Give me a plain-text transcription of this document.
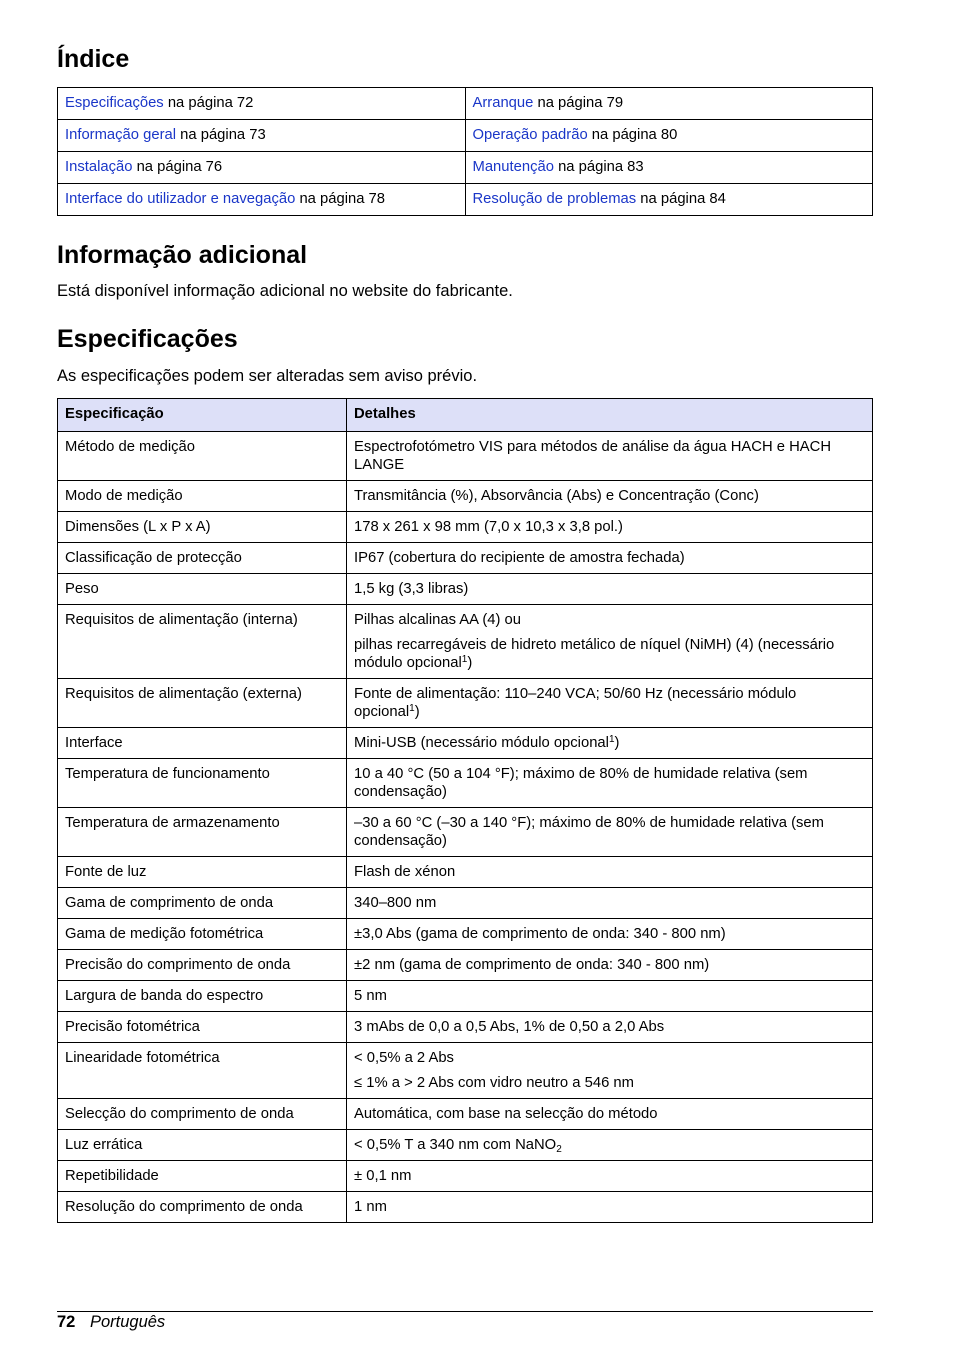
Índice
Especificações na página 72	Arranque na página 79
Informação geral na página 73	Operação padrão na página 80
Instalação na página 76	Manutenção na página 83
Interface do utilizador e navegação na página 78	Resolução de problemas na página 84
Informação adicional

Está disponível informação adicional no website do fabricante.

Especificações

As especificações podem ser alteradas sem aviso prévio.

Especificação	Detalhes
Método de medição	Espectrofotómetro VIS para métodos de análise da água HACH e HACH LANGE

Modo de medição	Transmitância (%), Absorvância (Abs) e Concentração (Conc)

Dimensões (L x P x A)	178 x 261 x 98 mm (7,0 x 10,3 x 3,8 pol.)

Classificação de protecção	IP67 (cobertura do recipiente de amostra fechada)

Peso	1,5 kg (3,3 libras)

Requisitos de alimentação (interna)	Pilhas alcalinas AA (4) ou

pilhas recarregáveis de hidreto metálico de níquel (NiMH) (4) (necessário módulo opcional$^1$)

Requisitos de alimentação (externa)	Fonte de alimentação: 110–240 VCA; 50/60 Hz (necessário módulo opcional$^1$)

Interface	Mini-USB (necessário módulo opcional$^1$)

Temperatura de funcionamento	10 a 40 °C (50 a 104 °F); máximo de 80% de humidade relativa (sem condensação)

Temperatura de armazenamento	–30 a 60 °C (–30 a 140 °F); máximo de 80% de humidade relativa (sem condensação)

Fonte de luz	Flash de xénon

Gama de comprimento de onda	340–800 nm

Gama de medição fotométrica	±3,0 Abs (gama de comprimento de onda: 340 - 800 nm)

Precisão do comprimento de onda	±2 nm (gama de comprimento de onda: 340 - 800 nm)

Largura de banda do espectro	5 nm

Precisão fotométrica	3 mAbs de 0,0 a 0,5 Abs, 1% de 0,50 a 2,0 Abs

Linearidade fotométrica	< 0,5% a 2 Abs

≤ 1% a > 2 Abs com vidro neutro a 546 nm

Selecção do comprimento de onda	Automática, com base na selecção do método

Luz errática	< 0,5% T a 340 nm com NaNO$_2$

Repetibilidade	± 0,1 nm

Resolução do comprimento de onda	1 nm

72 Português
